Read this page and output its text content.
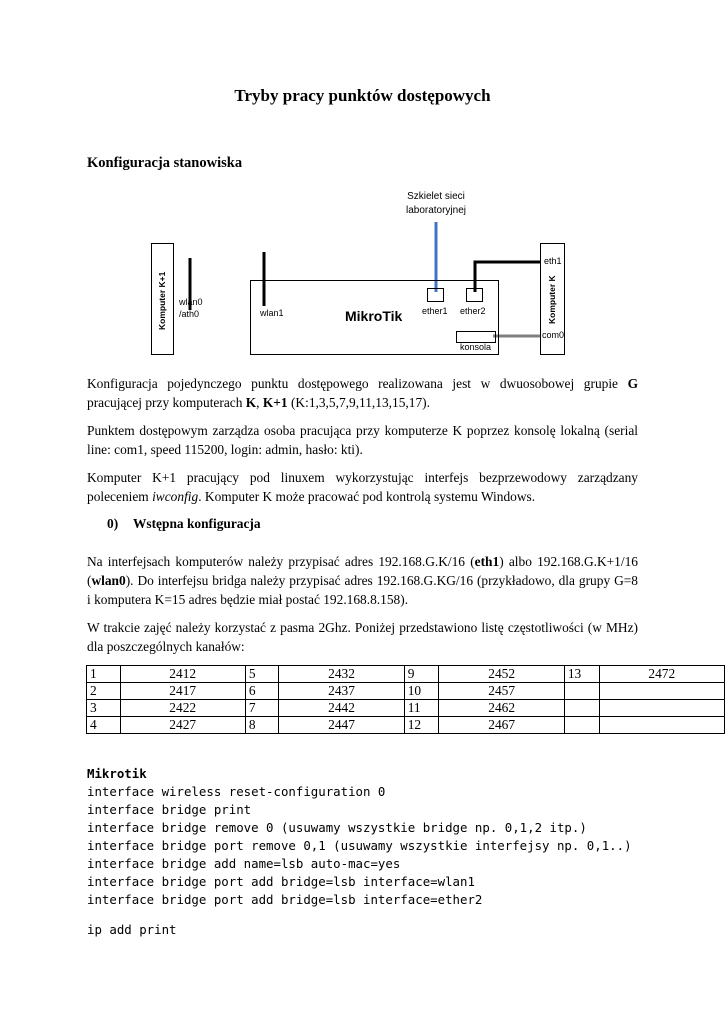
Tryby pracy punktów dostępowych
Konfiguracja stanowiska
Szkielet sieci
laboratoryjnej
Komputer K+1 wlan0
/ath0	wlan1	MikroTik ether1 ether2
konsola
eth1
Komputer K
com0
Konfiguracja pojedynczego punktu dostępowego realizowana jest w dwuosobowej grupie G pracującej przy komputerach K, K+1 (K:1,3,5,7,9,11,13,15,17).
Punktem dostępowym zarządza osoba pracująca przy komputerze K poprzez konsolę lokalną (serial line: com1, speed 115200, login: admin, hasło: kti).
Komputer K+1 pracujący pod linuxem wykorzystując interfejs bezprzewodowy zarządzany poleceniem iwconfig. Komputer K może pracować pod kontrolą systemu Windows.
0) Wstępna konfiguracja
Na interfejsach komputerów należy przypisać adres 192.168.G.K/16 (eth1) albo 192.168.G.K+1/16 (wlan0). Do interfejsu bridga należy przypisać adres 192.168.G.KG/16 (przykładowo, dla grupy G=8 i komputera K=15 adres będzie miał postać 192.168.8.158).
W trakcie zajęć należy korzystać z pasma 2Ghz. Poniżej przedstawiono listę częstotliwości (w MHz) dla poszczególnych kanałów:
1	2412	5	2432	9	2452	13	2472
2	2417	6	2437	10	2457		
3	2422	7	2442	11	2462		
4	2427	8	2447	12	2467		
Mikrotik
interface wireless reset-configuration 0
interface bridge print
interface bridge remove 0 (usuwamy wszystkie bridge np. 0,1,2 itp.)
interface bridge port remove 0,1 (usuwamy wszystkie interfejsy np. 0,1..)
interface bridge add name=lsb auto-mac=yes
interface bridge port add bridge=lsb interface=wlan1
interface bridge port add bridge=lsb interface=ether2
ip add print
